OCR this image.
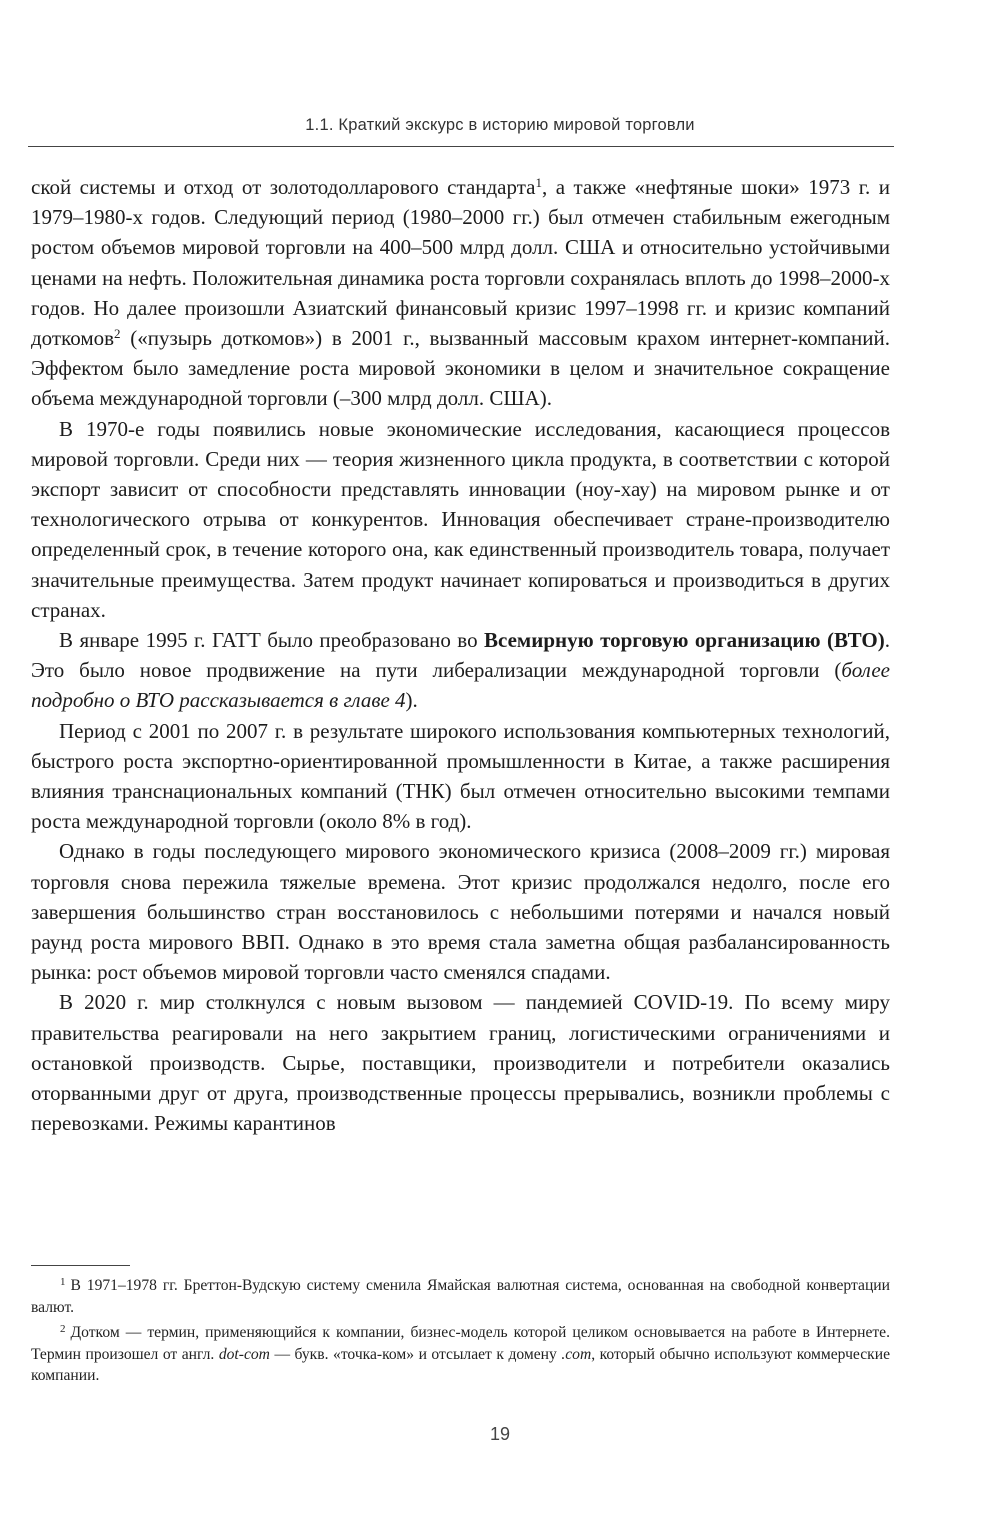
1.1. Краткий экскурс в историю мировой торговли

ской системы и отход от золотодолларового стандарта$^1$, а также «нефтяные шоки» 1973 г. и 1979–1980-х годов. Следующий период (1980–2000 гг.) был отмечен стабильным ежегодным ростом объемов мировой торговли на 400–500 млрд долл. США и относительно устойчивыми ценами на нефть. Положительная динамика роста торговли сохранялась вплоть до 1998–2000-х годов. Но далее произошли Азиатский финансовый кризис 1997–1998 гг. и кризис компаний доткомов$^2$ («пузырь доткомов») в 2001 г., вызванный массовым крахом интернет-компаний. Эффектом было замедление роста мировой экономики в целом и значительное сокращение объема международной торговли (–300 млрд долл. США).

В 1970-е годы появились новые экономические исследования, касающиеся процессов мировой торговли. Среди них — теория жизненного цикла продукта, в соответствии с которой экспорт зависит от способности представлять инновации (ноу-хау) на мировом рынке и от технологического отрыва от конкурентов. Инновация обеспечивает стране-производителю определенный срок, в течение которого она, как единственный производитель товара, получает значительные преимущества. Затем продукт начинает копироваться и производиться в других странах.

В январе 1995 г. ГАТТ было преобразовано во Всемирную торговую организацию (ВТО). Это было новое продвижение на пути либерализации международной торговли (более подробно о ВТО рассказывается в главе 4).

Период с 2001 по 2007 г. в результате широкого использования компьютерных технологий, быстрого роста экспортно-ориентированной промышленности в Китае, а также расширения влияния транснациональных компаний (ТНК) был отмечен относительно высокими темпами роста международной торговли (около 8% в год).

Однако в годы последующего мирового экономического кризиса (2008–2009 гг.) мировая торговля снова пережила тяжелые времена. Этот кризис продолжался недолго, после его завершения большинство стран восстановилось с небольшими потерями и начался новый раунд роста мирового ВВП. Однако в это время стала заметна общая разбалансированность рынка: рост объемов мировой торговли часто сменялся спадами.

В 2020 г. мир столкнулся с новым вызовом — пандемией COVID-19. По всему миру правительства реагировали на него закрытием границ, логистическими ограничениями и остановкой производств. Сырье, поставщики, производители и потребители оказались оторванными друг от друга, производственные процессы прерывались, возникли проблемы с перевозками. Режимы карантинов

$^1$ В 1971–1978 гг. Бреттон-Вудскую систему сменила Ямайская валютная система, основанная на свободной конвертации валют.

$^2$ Дотком — термин, применяющийся к компании, бизнес-модель которой целиком основывается на работе в Интернете. Термин произошел от англ. dot-com — букв. «точка-ком» и отсылает к домену .com, который обычно используют коммерческие компании.

19
